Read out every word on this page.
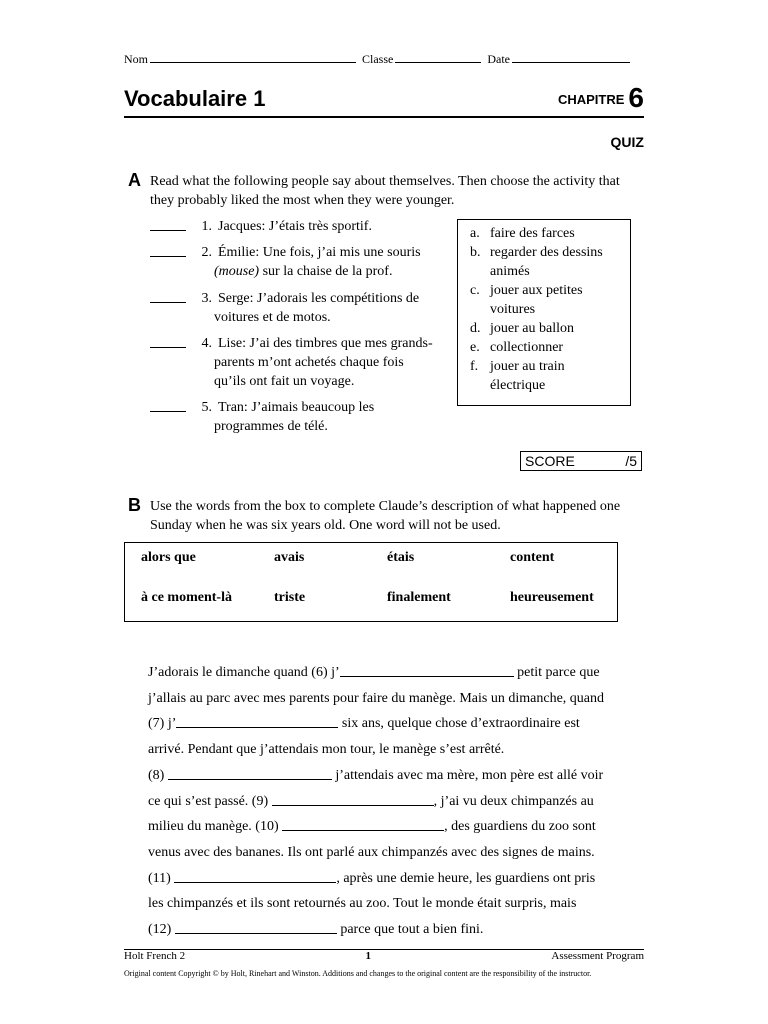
Nom	Classe	Date
Vocabulaire 1	CHAPITRE 6
QUIZ
A Read what the following people say about themselves. Then choose the activity that they probably liked the most when they were younger.
1. Jacques: J’étais très sportif.
2. Émilie: Une fois, j’ai mis une souris
(mouse) sur la chaise de la prof.
3. Serge: J’adorais les compétitions de
voitures et de motos.
4. Lise: J’ai des timbres que mes grands-
parents m’ont achetés chaque fois
qu’ils ont fait un voyage.
5. Tran: J’aimais beaucoup les
programmes de télé.
a. faire des farces
b. regarder des dessins
animés
c. jouer aux petites
voitures
d. jouer au ballon
e. collectionner
f. jouer au train
électrique
SCORE	/5
B Use the words from the box to complete Claude’s description of what happened one Sunday when he was six years old. One word will not be used.
alors que	avais	étais	content
à ce moment-là	triste	finalement	heureusement
J’adorais le dimanche quand (6) j’	petit parce que
j’allais au parc avec mes parents pour faire du manège. Mais un dimanche, quand
(7) j’	six ans, quelque chose d’extraordinaire est
arrivé. Pendant que j’attendais mon tour, le manège s’est arrêté.
(8)	j’attendais avec ma mère, mon père est allé voir
ce qui s’est passé. (9)	, j’ai vu deux chimpanzés au
milieu du manège. (10)	, des guardiens du zoo sont
venus avec des bananes. Ils ont parlé aux chimpanzés avec des signes de mains.
(11)	, après une demie heure, les guardiens ont pris
les chimpanzés et ils sont retournés au zoo. Tout le monde était surpris, mais
(12)	parce que tout a bien fini.
Holt French 2	1	Assessment Program
Original content Copyright © by Holt, Rinehart and Winston. Additions and changes to the original content are the responsibility of the instructor.
